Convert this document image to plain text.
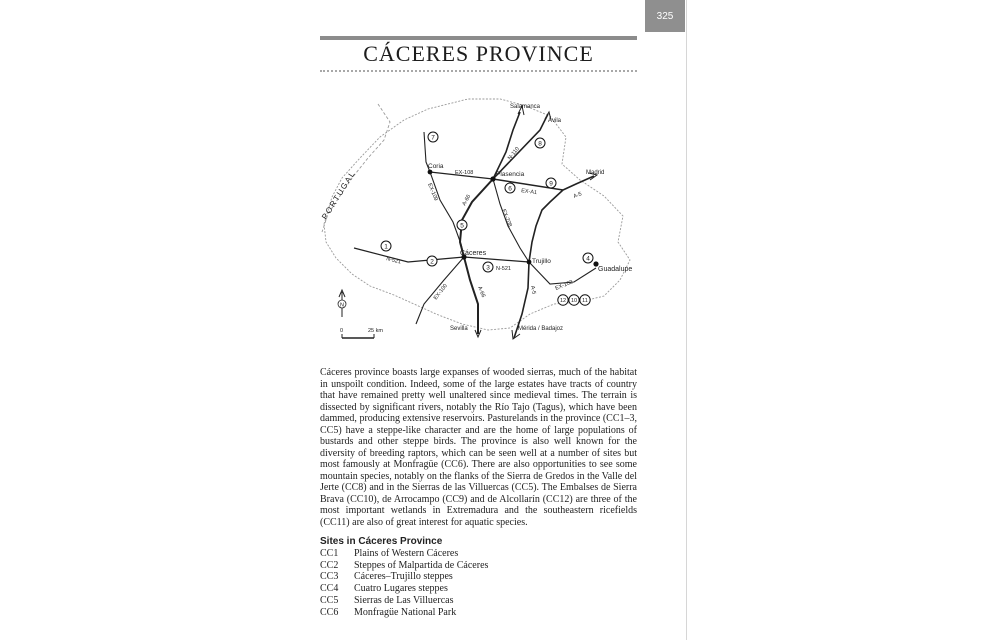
325
CÁCERES PROVINCE
Coria
Plasencia
Cáceres
Trujillo
Guadalupe
Salamanca
Ávila
Madrid
Sevilla	Mérida / Badajoz
PORTUGAL
N-110
EX-108
EX-109	A-66
EX-208
EX-A1	A-5
N-521
N-521
EX-100	A-66	A-5	EX-102
7
8
6
9
5
1
2
3
4
12 10 11
N
0	25 km

Cáceres province boasts large expanses of wooded sierras, much of the habitat in unspoilt condition. Indeed, some of the large estates have tracts of country that have remained pretty well unaltered since medieval times. The terrain is dissected by significant rivers, notably the Río Tajo (Tagus), which have been dammed, producing extensive reservoirs. Pasturelands in the province (CC1–3, CC5) have a steppe-like character and are the home of large populations of bustards and other steppe birds. The province is also well known for the diversity of breeding raptors, which can be seen well at a number of sites but most famously at Monfragüe (CC6). There are also opportunities to see some mountain species, notably on the flanks of the Sierra de Gredos in the Valle del Jerte (CC8) and in the Sierras de las Villuercas (CC5). The Embalses de Sierra Brava (CC10), de Arrocampo (CC9) and de Alcollarín (CC12) are three of the most important wetlands in Extremadura and the southeastern ricefields (CC11) are also of great interest for aquatic species.

Sites in Cáceres Province
CC1	Plains of Western Cáceres
CC2	Steppes of Malpartida de Cáceres
CC3	Cáceres–Trujillo steppes
CC4	Cuatro Lugares steppes
CC5	Sierras de Las Villuercas
CC6	Monfragüe National Park
